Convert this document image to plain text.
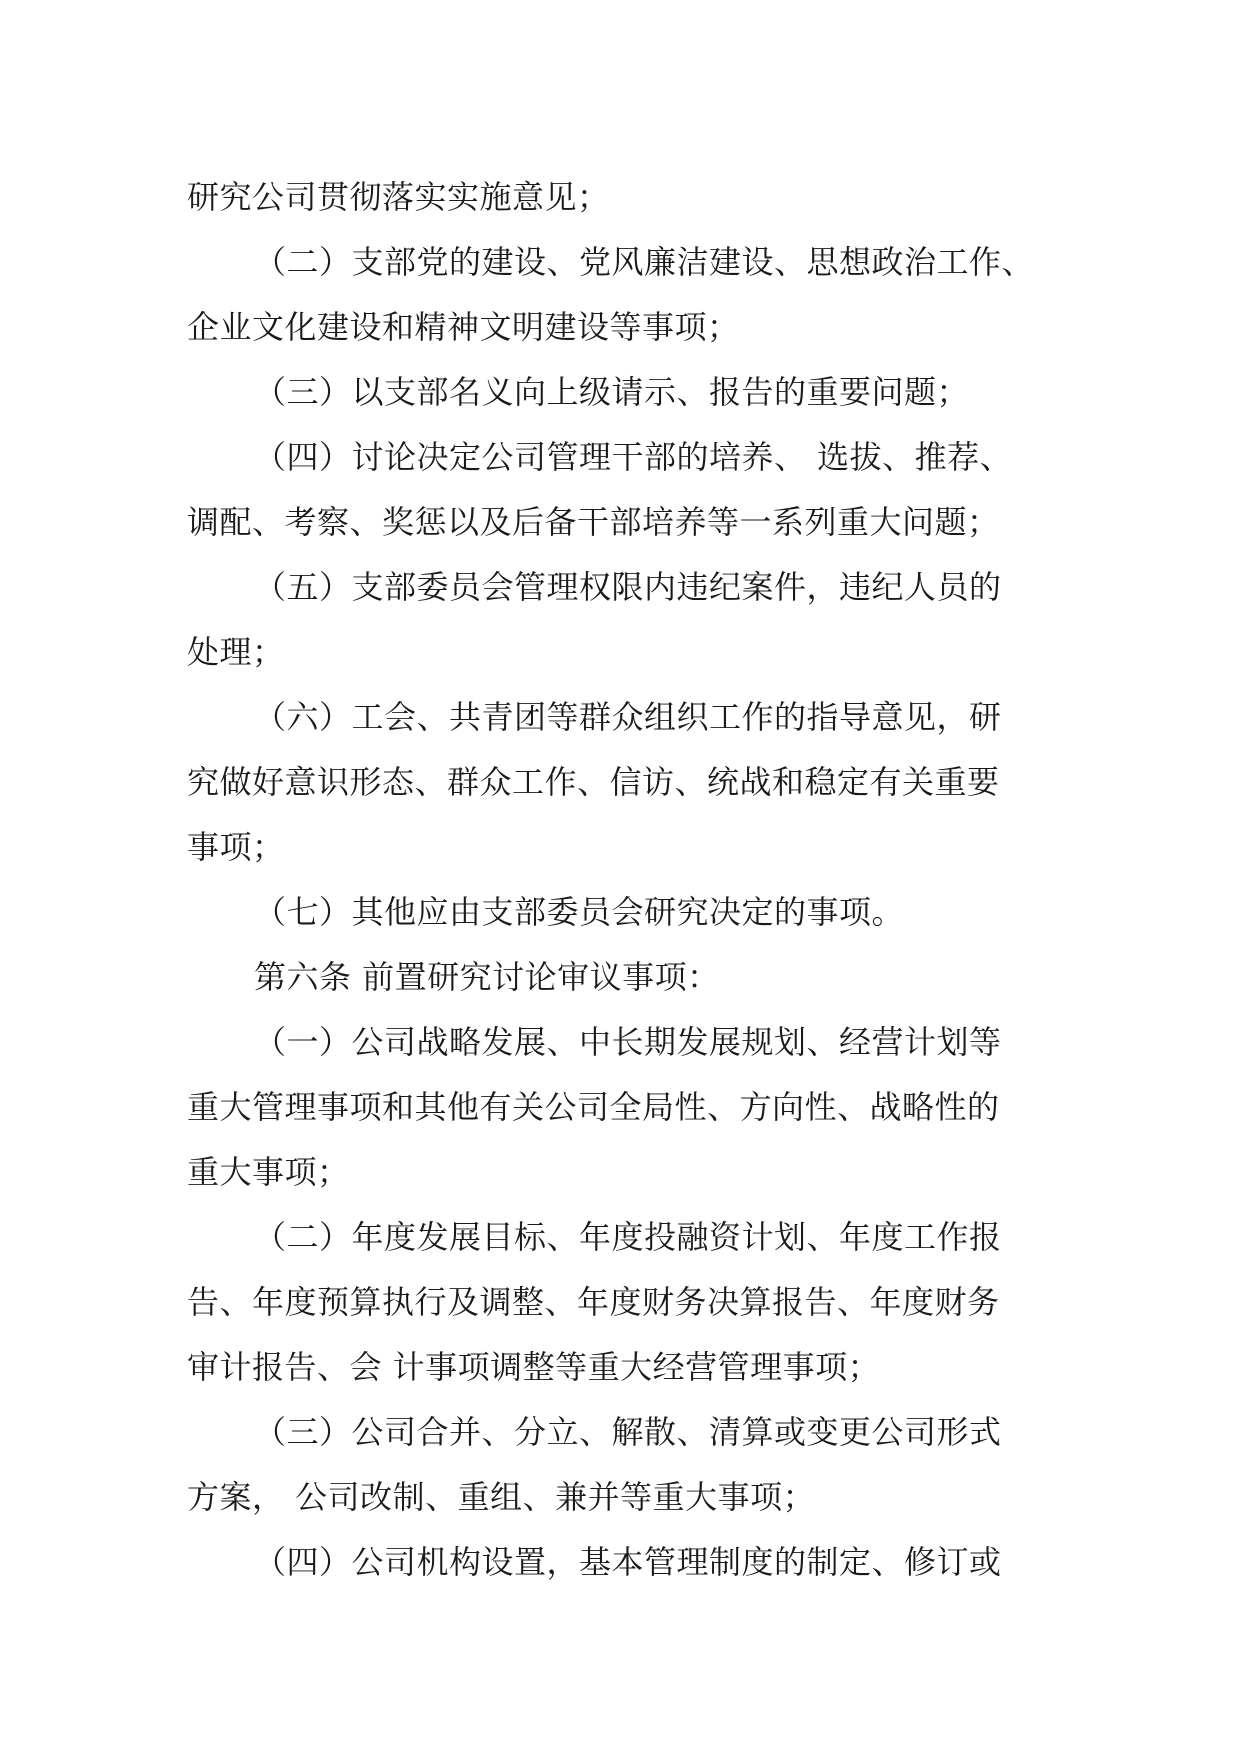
研究公司贯彻落实实施意见；

（二）支部党的建设、党风廉洁建设、思想政治工作、

企业文化建设和精神文明建设等事项；

（三）以支部名义向上级请示、报告的重要问题；

（四）讨论决定公司管理干部的培养、 选拔、推荐、

调配、考察、奖惩以及后备干部培养等一系列重大问题；

（五）支部委员会管理权限内违纪案件，违纪人员的

处理；

（六）工会、共青团等群众组织工作的指导意见，研

究做好意识形态、群众工作、信访、统战和稳定有关重要

事项；

（七）其他应由支部委员会研究决定的事项。

第六条 前置研究讨论审议事项：

（一）公司战略发展、中长期发展规划、经营计划等

重大管理事项和其他有关公司全局性、方向性、战略性的

重大事项；

（二）年度发展目标、年度投融资计划、年度工作报

告、年度预算执行及调整、年度财务决算报告、年度财务

审计报告、会 计事项调整等重大经营管理事项；

（三）公司合并、分立、解散、清算或变更公司形式

方案， 公司改制、重组、兼并等重大事项；

（四）公司机构设置，基本管理制度的制定、修订或
